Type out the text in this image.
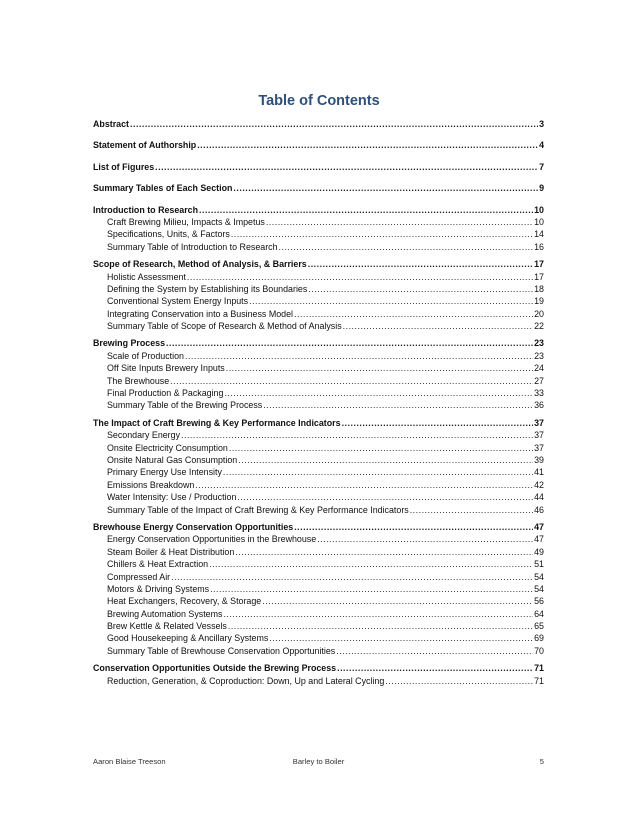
Table of Contents
Abstract .....	3
Statement of Authorship .....	4
List of Figures .....	7
Summary Tables of Each Section .....	9
Introduction to Research .....	10
Craft Brewing Milieu, Impacts & Impetus .....	10
Specifications, Units, & Factors .....	14
Summary Table of Introduction to Research .....	16
Scope of Research, Method of Analysis, & Barriers .....	17
Holistic Assessment .....	17
Defining the System by Establishing its Boundaries .....	18
Conventional System Energy Inputs .....	19
Integrating Conservation into a Business Model .....	20
Summary Table of Scope of Research & Method of Analysis .....	22
Brewing Process .....	23
Scale of Production .....	23
Off Site Inputs Brewery Inputs .....	24
The Brewhouse .....	27
Final Production & Packaging .....	33
Summary Table of the Brewing Process .....	36
The Impact of Craft Brewing & Key Performance Indicators .....	37
Secondary Energy .....	37
Onsite Electricity Consumption .....	37
Onsite Natural Gas Consumption .....	39
Primary Energy Use Intensity .....	41
Emissions Breakdown .....	42
Water Intensity: Use / Production .....	44
Summary Table of the Impact of Craft Brewing & Key Performance Indicators .....	46
Brewhouse Energy Conservation Opportunities .....	47
Energy Conservation Opportunities in the Brewhouse .....	47
Steam Boiler & Heat Distribution .....	49
Chillers & Heat Extraction .....	51
Compressed Air .....	54
Motors & Driving Systems .....	54
Heat Exchangers, Recovery, & Storage .....	56
Brewing Automation Systems .....	64
Brew Kettle & Related Vessels .....	65
Good Housekeeping & Ancillary Systems .....	69
Summary Table of Brewhouse Conservation Opportunities .....	70
Conservation Opportunities Outside the Brewing Process .....	71
Reduction, Generation, & Coproduction: Down, Up and Lateral Cycling .....	71
Aaron Blaise Treeson	Barley to Boiler	5
